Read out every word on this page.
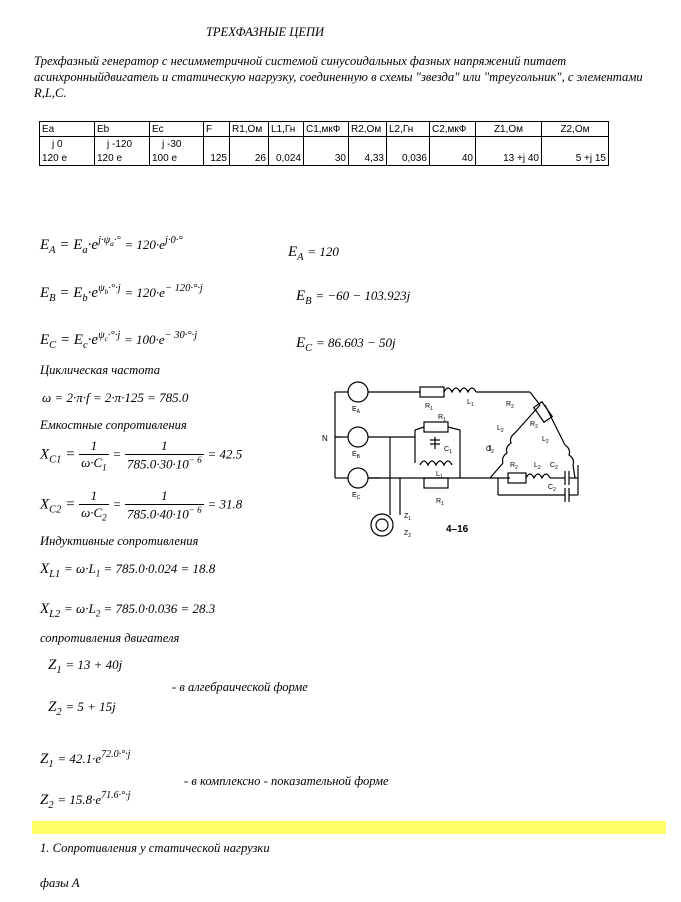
ТРЕХФАЗНЫЕ ЦЕПИ
Трехфазный генератор с несимметричной системой синусоидальных фазных напряжений питает асинхронныйдвигатель и статическую нагрузку, соединенную в схемы "звезда" или "треугольник", с элементами R,L,C.
Ea	Eb	Ec	F	R1,Ом	L1,Гн	C1,мкФ	R2,Ом	L2,Гн	C2,мкФ	Z1,Ом	Z2,Ом
j 0	j -120	j -30									
120 e	120 e	100 e	125	26	0,024	30	4,33	0,036	40	13 +j 40	5 +j 15
$E_A = E_a\cdot e^{j\cdot\psi_a\cdot^\circ} = 120\cdot e^{j\cdot 0\cdot^\circ}$
$E_A = 120$
$E_B = E_b\cdot e^{\psi_b\cdot^\circ\cdot j} = 120\cdot e^{- 120\cdot^\circ\cdot j}$	$E_B = -60 - 103.923j$
$E_C = E_c\cdot e^{\psi_c\cdot^\circ\cdot j} = 100\cdot e^{- 30\cdot^\circ\cdot j}$	$E_C = 86.603 - 50j$
Циклическая частота
ω = 2·π·f = 2·π·125 = 785.0
Емкостные сопротивления
$X_{C1} = \frac{1}{\omega\cdot C_1} = \frac{1}{785.0\cdot 30\cdot 10^{- 6}} = 42.5$
$X_{C2} = \frac{1}{\omega\cdot C_2} = \frac{1}{785.0\cdot 40\cdot 10^{- 6}} = 31.8$
Индуктивные сопротивления
$X_{L1} = \omega\cdot L_1 = 785.0\cdot 0.024 = 18.8$
$X_{L2} = \omega\cdot L_2 = 785.0\cdot 0.036 = 28.3$
сопротивления двигателя
$Z_1 = 13 + 40j$
- в алгебраической форме
$Z_2 = 5 + 15j$
$Z_1 = 42.1\cdot e^{72.0\cdot^\circ\cdot j}$
- в комплексно - показательной форме
$Z_2 = 15.8\cdot e^{71.6\cdot^\circ\cdot j}$
1. Сопротивления у статической нагрузки
фазы А
N
$E_A$
$E_B$
$E_C$
$R_1$
$L_1$
$R_1$
$C_1$
$L_1$
$R_1$
$R_2$
$R_2$
$L_2$
$L_2$
$C_2$
$R_2$ $L_2$ $C_2$
$C_2$
$Z_1$
$Z_2$
4–16
